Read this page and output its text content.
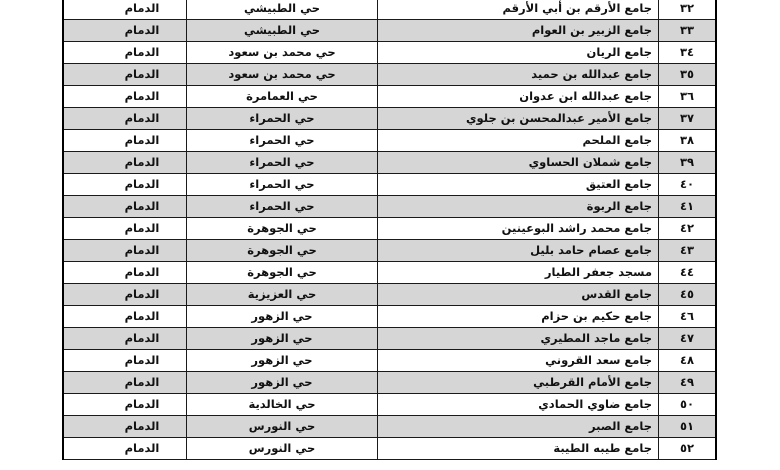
٣٢	جامع الأرقم بن أبي الأرقم	حي الطبيشي	الدمام
٣٣	جامع الزبير بن العوام	حي الطبيشي	الدمام
٣٤	جامع الريان	حي محمد بن سعود	الدمام
٣٥	جامع عبدالله بن حميد	حي محمد بن سعود	الدمام
٣٦	جامع عبدالله ابن عدوان	حي العمامرة	الدمام
٣٧	جامع الأمير عبدالمحسن بن جلوي	حي الحمراء	الدمام
٣٨	جامع الملحم	حي الحمراء	الدمام
٣٩	جامع شملان الحساوي	حي الحمراء	الدمام
٤٠	جامع العتيق	حي الحمراء	الدمام
٤١	جامع الربوة	حي الحمراء	الدمام
٤٢	جامع محمد راشد البوعينين	حي الجوهرة	الدمام
٤٣	جامع عصام حامد بليل	حي الجوهرة	الدمام
٤٤	مسجد جعفر الطيار	حي الجوهرة	الدمام
٤٥	جامع القدس	حي العزيزية	الدمام
٤٦	جامع حكيم بن حزام	حي الزهور	الدمام
٤٧	جامع ماجد المطيري	حي الزهور	الدمام
٤٨	جامع سعد القروني	حي الزهور	الدمام
٤٩	جامع الأمام القرطبي	حي الزهور	الدمام
٥٠	جامع ضاوي الحمادي	حي الخالدية	الدمام
٥١	جامع الصبر	حي النورس	الدمام
٥٢	جامع طيبه الطيبة	حي النورس	الدمام
